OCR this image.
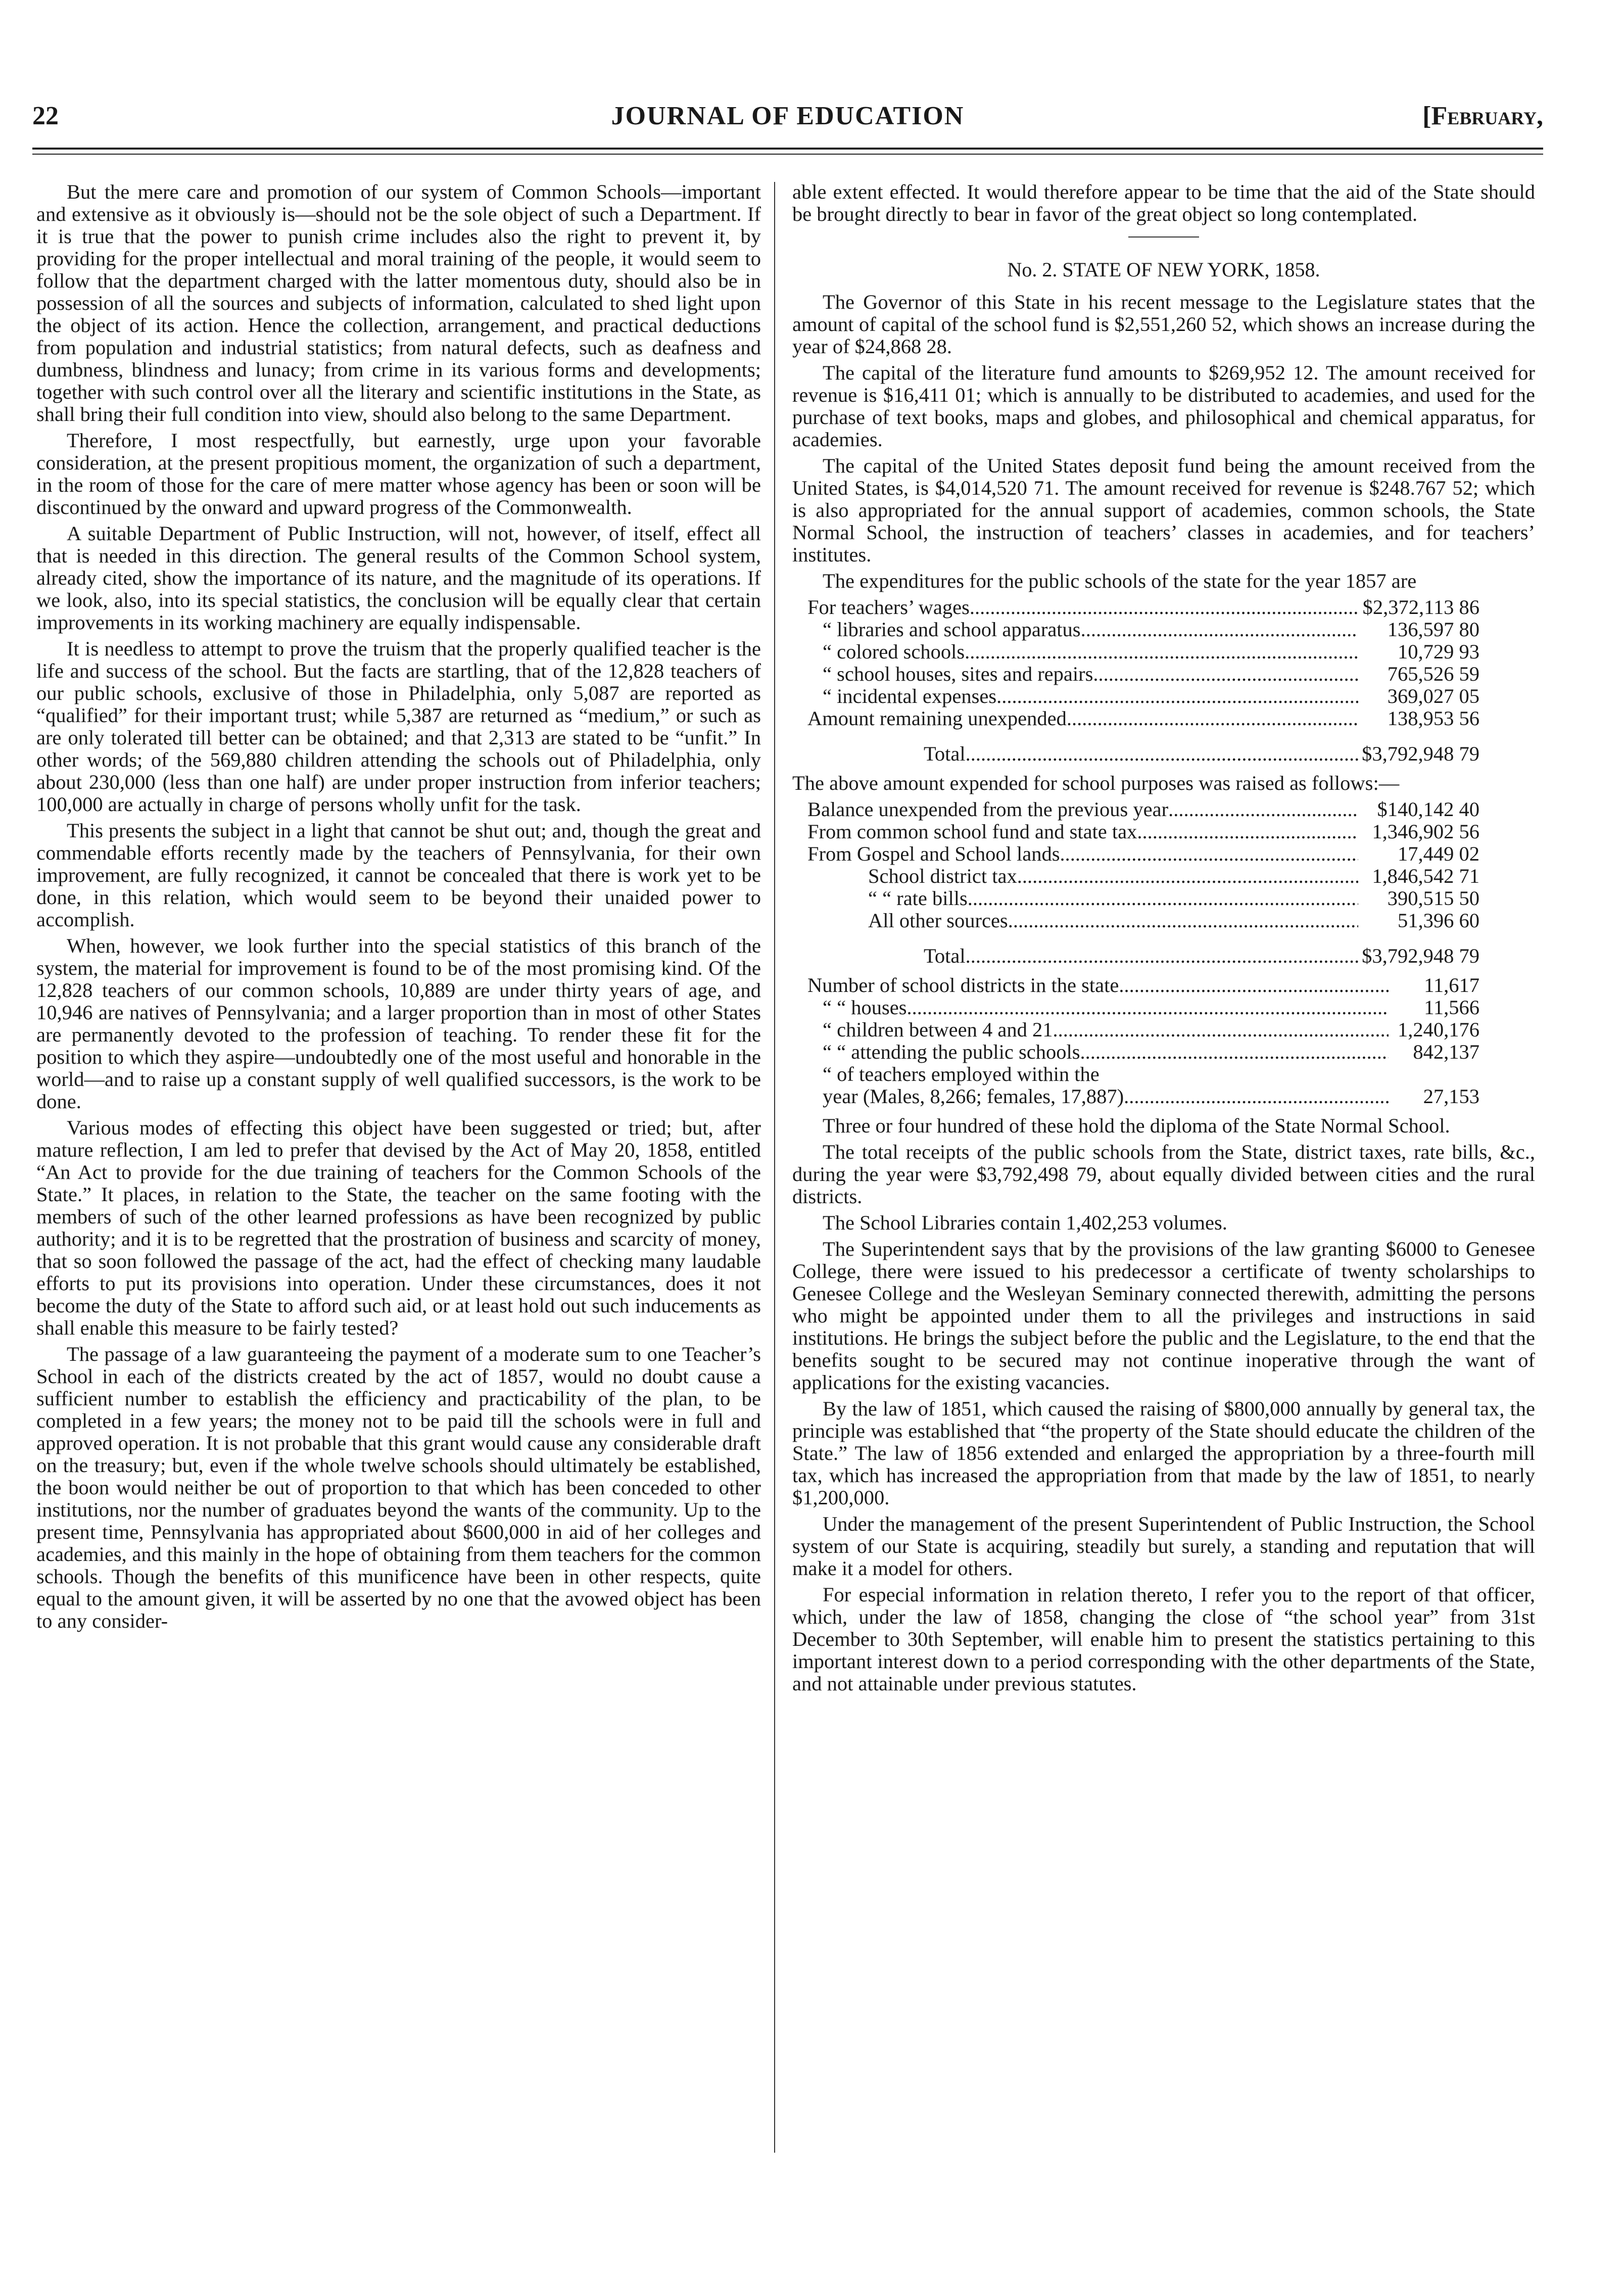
22	JOURNAL OF EDUCATION	[February,

But the mere care and promotion of our system of Common Schools—important and extensive as it obviously is—should not be the sole object of such a Department. If it is true that the power to punish crime includes also the right to prevent it, by providing for the proper intellectual and moral training of the people, it would seem to follow that the department charged with the latter momentous duty, should also be in possession of all the sources and subjects of information, calculated to shed light upon the object of its action. Hence the collection, arrangement, and practical deductions from population and industrial statistics; from natural defects, such as deafness and dumbness, blindness and lunacy; from crime in its various forms and developments; together with such control over all the literary and scientific institutions in the State, as shall bring their full condition into view, should also belong to the same Department.

Therefore, I most respectfully, but earnestly, urge upon your favorable consideration, at the present propitious moment, the organization of such a department, in the room of those for the care of mere matter whose agency has been or soon will be discontinued by the onward and upward progress of the Commonwealth.

A suitable Department of Public Instruction, will not, however, of itself, effect all that is needed in this direction. The general results of the Common School system, already cited, show the importance of its nature, and the magnitude of its operations. If we look, also, into its special statistics, the conclusion will be equally clear that certain improvements in its working machinery are equally indispensable.

It is needless to attempt to prove the truism that the properly qualified teacher is the life and success of the school. But the facts are startling, that of the 12,828 teachers of our public schools, exclusive of those in Philadelphia, only 5,087 are reported as “qualified” for their important trust; while 5,387 are returned as “medium,” or such as are only tolerated till better can be obtained; and that 2,313 are stated to be “unfit.” In other words; of the 569,880 children attending the schools out of Philadelphia, only about 230,000 (less than one half) are under proper instruction from inferior teachers; 100,000 are actually in charge of persons wholly unfit for the task.

This presents the subject in a light that cannot be shut out; and, though the great and commendable efforts recently made by the teachers of Pennsylvania, for their own improvement, are fully recognized, it cannot be concealed that there is work yet to be done, in this relation, which would seem to be beyond their unaided power to accomplish.

When, however, we look further into the special statistics of this branch of the system, the material for improvement is found to be of the most promising kind. Of the 12,828 teachers of our common schools, 10,889 are under thirty years of age, and 10,946 are natives of Pennsylvania; and a larger proportion than in most of other States are permanently devoted to the profession of teaching. To render these fit for the position to which they aspire—undoubtedly one of the most useful and honorable in the world—and to raise up a constant supply of well qualified successors, is the work to be done.

Various modes of effecting this object have been suggested or tried; but, after mature reflection, I am led to prefer that devised by the Act of May 20, 1858, entitled “An Act to provide for the due training of teachers for the Common Schools of the State.” It places, in relation to the State, the teacher on the same footing with the members of such of the other learned professions as have been recognized by public authority; and it is to be regretted that the prostration of business and scarcity of money, that so soon followed the passage of the act, had the effect of checking many laudable efforts to put its provisions into operation. Under these circumstances, does it not become the duty of the State to afford such aid, or at least hold out such inducements as shall enable this measure to be fairly tested?

The passage of a law guaranteeing the payment of a moderate sum to one Teacher’s School in each of the districts created by the act of 1857, would no doubt cause a sufficient number to establish the efficiency and practicability of the plan, to be completed in a few years; the money not to be paid till the schools were in full and approved operation. It is not probable that this grant would cause any considerable draft on the treasury; but, even if the whole twelve schools should ultimately be established, the boon would neither be out of proportion to that which has been conceded to other institutions, nor the number of graduates beyond the wants of the community. Up to the present time, Pennsylvania has appropriated about $600,000 in aid of her colleges and academies, and this mainly in the hope of obtaining from them teachers for the common schools. Though the benefits of this munificence have been in other respects, quite equal to the amount given, it will be asserted by no one that the avowed object has been to any consider-

able extent effected. It would therefore appear to be time that the aid of the State should be brought directly to bear in favor of the great object so long contemplated.

No. 2. STATE OF NEW YORK, 1858.

The Governor of this State in his recent message to the Legislature states that the amount of capital of the school fund is $2,551,260 52, which shows an increase during the year of $24,868 28.

The capital of the literature fund amounts to $269,952 12. The amount received for revenue is $16,411 01; which is annually to be distributed to academies, and used for the purchase of text books, maps and globes, and philosophical and chemical apparatus, for academies.

The capital of the United States deposit fund being the amount received from the United States, is $4,014,520 71. The amount received for revenue is $248.767 52; which is also appropriated for the annual support of academies, common schools, the State Normal School, the instruction of teachers’ classes in academies, and for teachers’ institutes.

The expenditures for the public schools of the state for the year 1857 are

For teachers’ wages .....	$2,372,113 86
“ libraries and school apparatus .....	136,597 80
“ colored schools .....	10,729 93
“ school houses, sites and repairs .....	765,526 59
“ incidental expenses .....	369,027 05
Amount remaining unexpended .....	138,953 56
Total .....	$3,792,948 79

The above amount expended for school purposes was raised as follows:—

Balance unexpended from the previous year .....	$140,142 40
From common school fund and state tax .....	1,346,902 56
From Gospel and School lands .....	17,449 02
School district tax .....	1,846,542 71
“ “ rate bills .....	390,515 50
All other sources .....	51,396 60
Total .....	$3,792,948 79
Number of school districts in the state .....	11,617
“ “ houses .....	11,566
“ children between 4 and 21 .....	1,240,176
“ “ attending the public schools .....	842,137
“ of teachers employed within the
year (Males, 8,266; females, 17,887) .....	27,153

Three or four hundred of these hold the diploma of the State Normal School.

The total receipts of the public schools from the State, district taxes, rate bills, &c., during the year were $3,792,498 79, about equally divided between cities and the rural districts.

The School Libraries contain 1,402,253 volumes.

The Superintendent says that by the provisions of the law granting $6000 to Genesee College, there were issued to his predecessor a certificate of twenty scholarships to Genesee College and the Wesleyan Seminary connected therewith, admitting the persons who might be appointed under them to all the privileges and instructions in said institutions. He brings the subject before the public and the Legislature, to the end that the benefits sought to be secured may not continue inoperative through the want of applications for the existing vacancies.

By the law of 1851, which caused the raising of $800,000 annually by general tax, the principle was established that “the property of the State should educate the children of the State.” The law of 1856 extended and enlarged the appropriation by a three-fourth mill tax, which has increased the appropriation from that made by the law of 1851, to nearly $1,200,000.

Under the management of the present Superintendent of Public Instruction, the School system of our State is acquiring, steadily but surely, a standing and reputation that will make it a model for others.

For especial information in relation thereto, I refer you to the report of that officer, which, under the law of 1858, changing the close of “the school year” from 31st December to 30th September, will enable him to present the statistics pertaining to this important interest down to a period corresponding with the other departments of the State, and not attainable under previous statutes.
